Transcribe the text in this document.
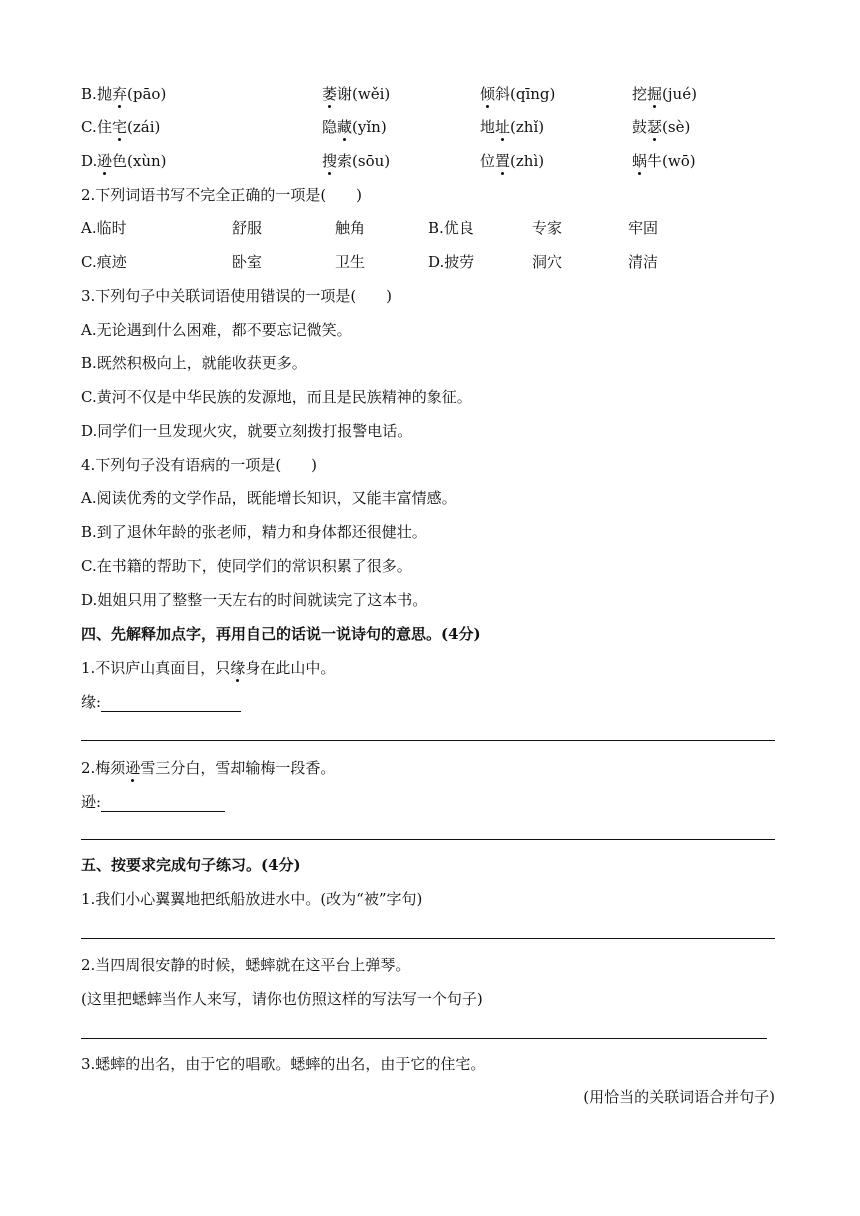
B. 抛弃(pāo)	萎谢(wěi)	倾斜(qīng)	挖掘(jué)
C. 住宅(zái)	隐藏(yǐn)	地址(zhǐ)	鼓瑟(sè)
D. 逊色(xùn)	搜索(sōu)	位置(zhì)	蜗牛(wō)
2.下列词语书写不完全正确的一项是(　　)
A.临时	舒服	触角	B.优良	专家	牢固
C.痕迹	卧室	卫生	D.披劳	洞穴	清洁
3.下列句子中关联词语使用错误的一项是(　　)
A.无论遇到什么困难，都不要忘记微笑。
B.既然积极向上，就能收获更多。
C.黄河不仅是中华民族的发源地，而且是民族精神的象征。
D.同学们一旦发现火灾，就要立刻拨打报警电话。
4.下列句子没有语病的一项是(　　)
A.阅读优秀的文学作品，既能增长知识，又能丰富情感。
B.到了退休年龄的张老师，精力和身体都还很健壮。
C.在书籍的帮助下，使同学们的常识积累了很多。
D.姐姐只用了整整一天左右的时间就读完了这本书。
四、先解释加点字，再用自己的话说一说诗句的意思。(4分)
1.不识庐山真面目，只缘身在此山中。
缘:
2.梅须逊雪三分白，雪却输梅一段香。
逊:
五、按要求完成句子练习。(4分)
1.我们小心翼翼地把纸船放进水中。(改为“被”字句)
2.当四周很安静的时候，蟋蟀就在这平台上弹琴。
(这里把蟋蟀当作人来写，请你也仿照这样的写法写一个句子)
3.蟋蟀的出名，由于它的唱歌。蟋蟀的出名，由于它的住宅。
(用恰当的关联词语合并句子)
